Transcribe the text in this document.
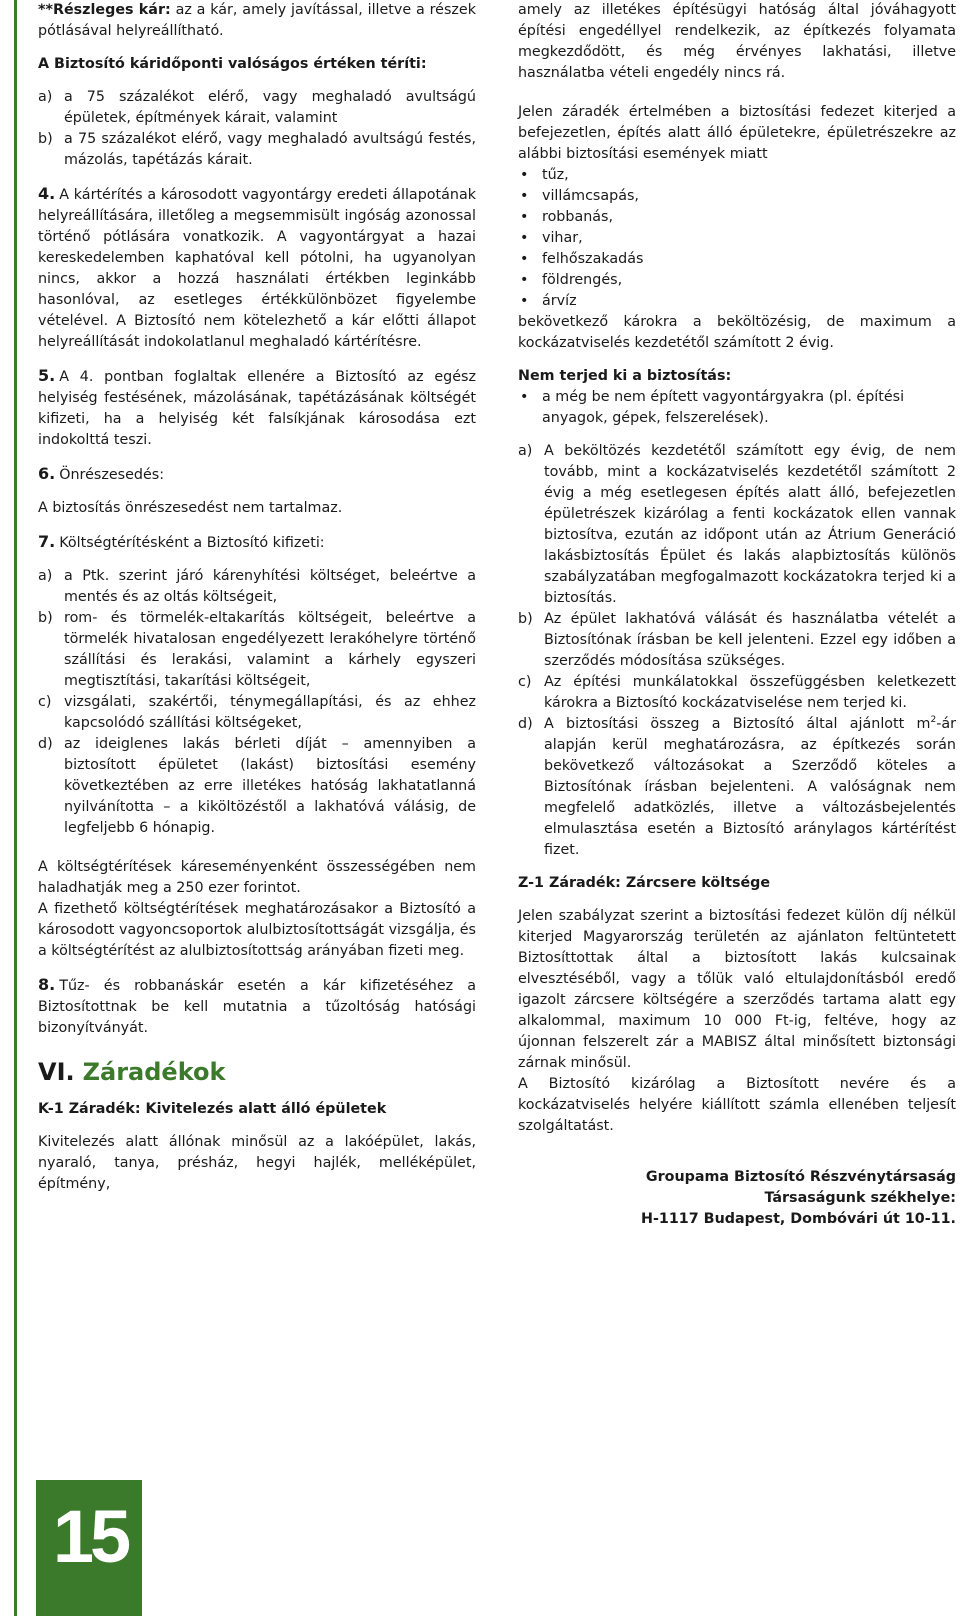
**Részleges kár: az a kár, amely javítással, illetve a részek pótlásával helyreállítható.

A Biztosító káridőponti valóságos értéken téríti:

a) a 75 százalékot elérő, vagy meghaladó avultságú épületek, építmények kárait, valamint
b) a 75 százalékot elérő, vagy meghaladó avultságú festés, mázolás, tapétázás kárait.

4. A kártérítés a károsodott vagyontárgy eredeti állapotának helyreállítására, illetőleg a megsemmisült ingóság azonossal történő pótlására vonatkozik. A vagyontárgyat a hazai kereskedelemben kaphatóval kell pótolni, ha ugyanolyan nincs, akkor a hozzá használati értékben leginkább hasonlóval, az esetleges értékkülönbözet figyelembe vételével. A Biztosító nem kötelezhető a kár előtti állapot helyreállítását indokolatlanul meghaladó kártérítésre.

5. A 4. pontban foglaltak ellenére a Biztosító az egész helyiség festésének, mázolásának, tapétázásának költségét kifizeti, ha a helyiség két falsíkjának károsodása ezt indokolttá teszi.

6. Önrészesedés:

A biztosítás önrészesedést nem tartalmaz.

7. Költségtérítésként a Biztosító kifizeti:

a) a Ptk. szerint járó kárenyhítési költséget, beleértve a mentés és az oltás költségeit,
b) rom- és törmelék-eltakarítás költségeit, beleértve a törmelék hivatalosan engedélyezett lerakóhelyre történő szállítási és lerakási, valamint a kárhely egyszeri megtisztítási, takarítási költségeit,
c) vizsgálati, szakértői, ténymegállapítási, és az ehhez kapcsolódó szállítási költségeket,
d) az ideiglenes lakás bérleti díját – amennyiben a biztosított épületet (lakást) biztosítási esemény következtében az erre illetékes hatóság lakhatatlanná nyilvánította – a kiköltözéstől a lakhatóvá válásig, de legfeljebb 6 hónapig.

A költségtérítések káreseményenként összességében nem haladhatják meg a 250 ezer forintot.

A fizethető költségtérítések meghatározásakor a Biztosító a károsodott vagyoncsoportok alulbiztosítottságát vizsgálja, és a költségtérítést az alulbiztosítottság arányában fizeti meg.

8. Tűz- és robbanáskár esetén a kár kifizetéséhez a Biztosítottnak be kell mutatnia a tűzoltóság hatósági bizonyítványát.

VI. Záradékok

K-1 Záradék: Kivitelezés alatt álló épületek

Kivitelezés alatt állónak minősül az a lakóépület, lakás, nyaraló, tanya, présház, hegyi hajlék, melléképület, építmény,

amely az illetékes építésügyi hatóság által jóváhagyott építési engedéllyel rendelkezik, az építkezés folyamata megkezdődött, és még érvényes lakhatási, illetve használatba vételi engedély nincs rá.

Jelen záradék értelmében a biztosítási fedezet kiterjed a befejezetlen, építés alatt álló épületekre, épületrészekre az alábbi biztosítási események miatt

• tűz,
• villámcsapás,
• robbanás,
• vihar,
• felhőszakadás
• földrengés,
• árvíz

bekövetkező károkra a beköltözésig, de maximum a kockázatviselés kezdetétől számított 2 évig.

Nem terjed ki a biztosítás:

• a még be nem épített vagyontárgyakra (pl. építési anyagok, gépek, felszerelések).
a) A beköltözés kezdetétől számított egy évig, de nem tovább, mint a kockázatviselés kezdetétől számított 2 évig a még esetlegesen építés alatt álló, befejezetlen épületrészek kizárólag a fenti kockázatok ellen vannak biztosítva, ezután az időpont után az Átrium Generáció lakásbiztosítás Épület és lakás alapbiztosítás különös szabályzatában megfogalmazott kockázatokra terjed ki a biztosítás.
b) Az épület lakhatóvá válását és használatba vételét a Biztosítónak írásban be kell jelenteni. Ezzel egy időben a szerződés módosítása szükséges.
c) Az építési munkálatokkal összefüggésben keletkezett károkra a Biztosító kockázatviselése nem terjed ki.
d) A biztosítási összeg a Biztosító által ajánlott $m^2-ár$ alapján kerül meghatározásra, az építkezés során bekövetkező változásokat a Szerződő köteles a Biztosítónak írásban bejelenteni. A valóságnak nem megfelelő adatközlés, illetve a változásbejelentés elmulasztása esetén a Biztosító aránylagos kártérítést fizet.

Z-1 Záradék: Zárcsere költsége

Jelen szabályzat szerint a biztosítási fedezet külön díj nélkül kiterjed Magyarország területén az ajánlaton feltüntetett Biztosíttottak által a biztosított lakás kulcsainak elvesztéséből, vagy a tőlük való eltulajdonításból eredő igazolt zárcsere költségére a szerződés tartama alatt egy alkalommal, maximum 10 000 Ft-ig, feltéve, hogy az újonnan felszerelt zár a MABISZ által minősített biztonsági zárnak minősül.

A Biztosító kizárólag a Biztosított nevére és a kockázatviselés helyére kiállított számla ellenében teljesít szolgáltatást.

Groupama Biztosító Részvénytársaság

Társaságunk székhelye:

H-1117 Budapest, Dombóvári út 10-11.

15
